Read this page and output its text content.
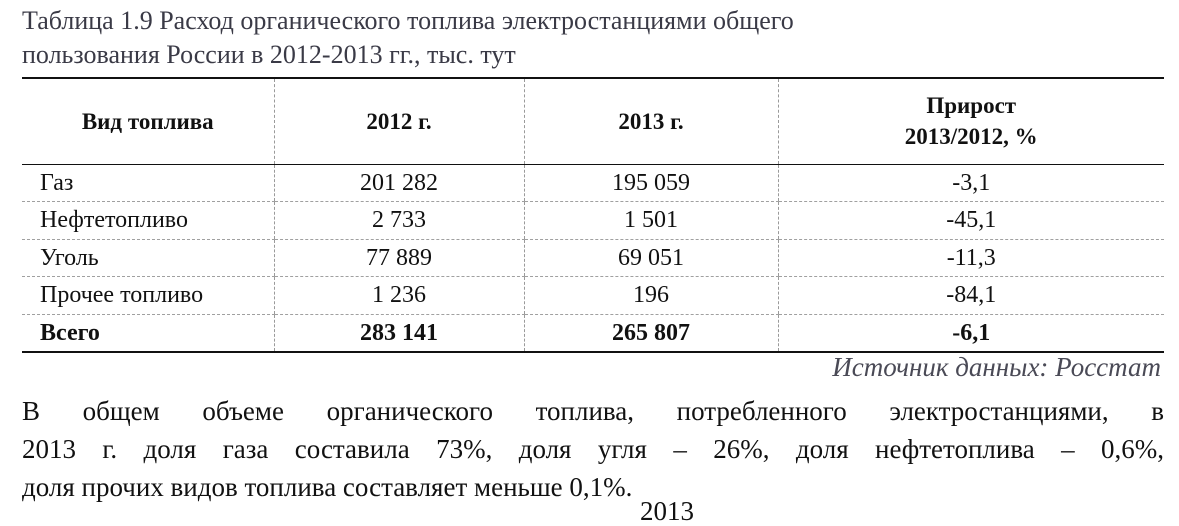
Таблица 1.9 Расход органического топлива электростанциями общего
пользования России в 2012-2013 гг., тыс. тут
Вид топлива	2012 г.	2013 г.	Прирост
2013/2012, %
Газ	201 282	195 059	-3,1
Нефтетопливо	2 733	1 501	-45,1
Уголь	77 889	69 051	-11,3
Прочее топливо	1 236	196	-84,1
Всего	283 141	265 807	-6,1
Источник данных: Росстат
В общем объеме органического топлива, потребленного электростанциями, в
2013 г. доля газа составила 73%, доля угля – 26%, доля нефтетоплива – 0,6%,
доля прочих видов топлива составляет меньше 0,1%.
2013
